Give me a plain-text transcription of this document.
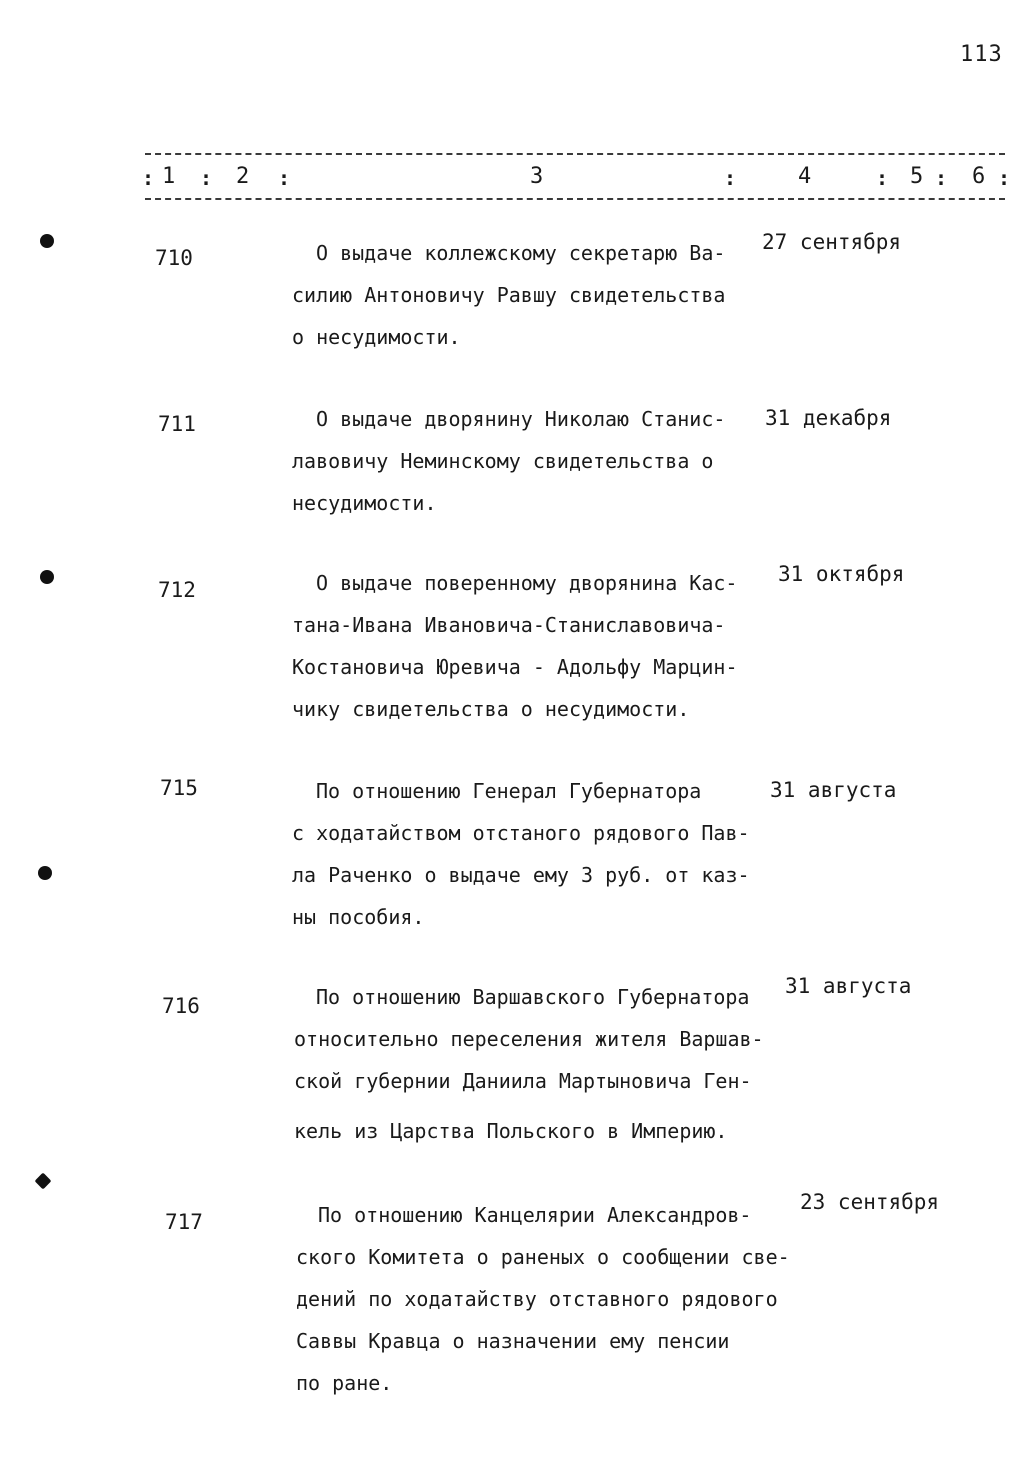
113
: 1 : 2 :	3	:	4	: 5 : 6 :
710	О выдаче коллежскому секретарю Ва-
силию Антоновичу Равшу свидетельства
о несудимости.
27 сентября
711	О выдаче дворянину Николаю Станис-
лавовичу Неминскому свидетельства о
несудимости.
31 декабря
712	О выдаче поверенному дворянина Кас-
тана-Ивана Ивановича-Станиславовича-
Костановича Юревича - Адольфу Марцин-
чику свидетельства о несудимости.
31 октября
715	По отношению Генерал Губернатора
с ходатайством отстаного рядового Пав-
ла Раченко о выдаче ему 3 руб. от каз-
ны пособия.
31 августа
716	По отношению Варшавского Губернатора
относительно переселения жителя Варшав-
ской губернии Даниила Мартыновича Ген-
кель из Царства Польского в Империю.
31 августа
717	По отношению Канцелярии Александров-
ского Комитета о раненых о сообщении све-
дений по ходатайству отставного рядового
Саввы Кравца о назначении ему пенсии
по ране.
23 сентября
